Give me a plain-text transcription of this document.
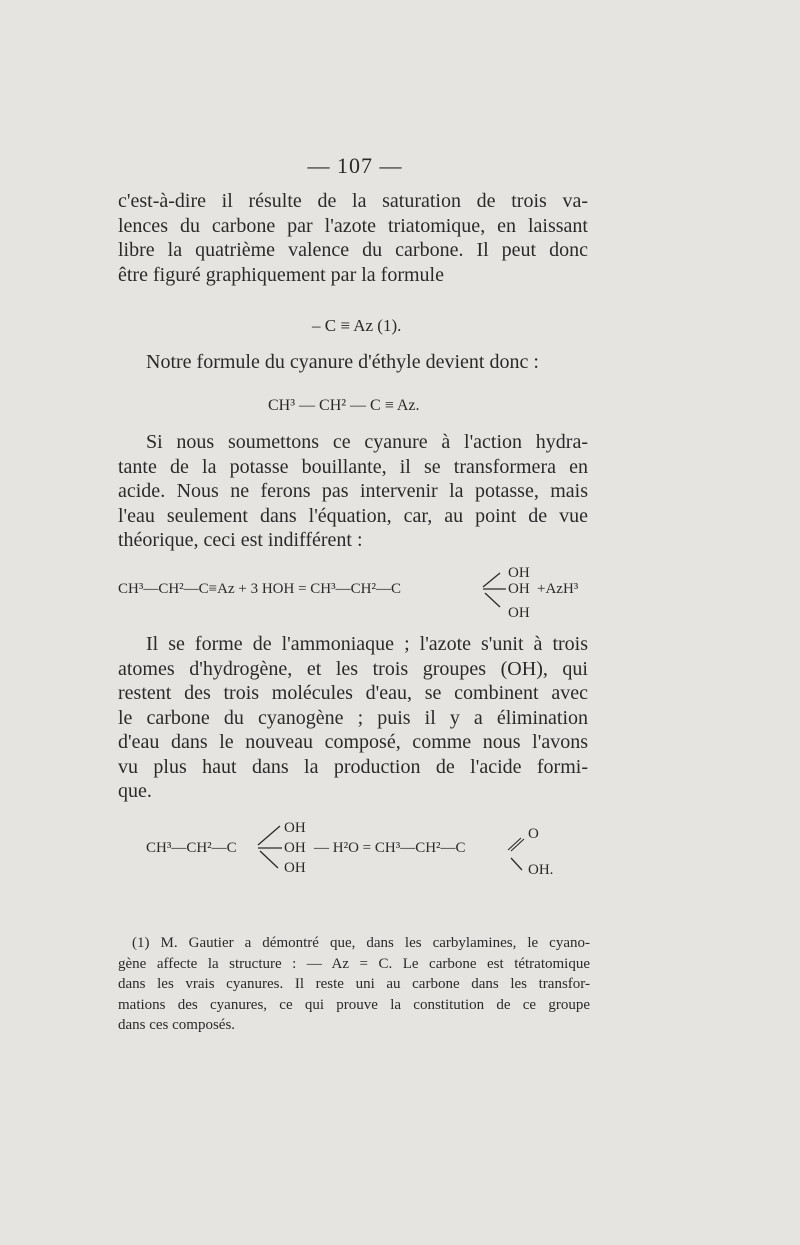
— 107 —
c'est-à-dire il résulte de la saturation de trois va-
lences du carbone par l'azote triatomique, en laissant
libre la quatrième valence du carbone. Il peut donc
être figuré graphiquement par la formule
– C ≡ Az (1).
Notre formule du cyanure d'éthyle devient donc :
CH³ — CH² — C ≡ Az.
Si nous soumettons ce cyanure à l'action hydra-
tante de la potasse bouillante, il se transformera en
acide. Nous ne ferons pas intervenir la potasse, mais
l'eau seulement dans l'équation, car, au point de vue
théorique, ceci est indifférent :
CH³—CH²—C≡Az + 3 HOH = CH³—CH²—C
OH
OH
OH
+AzH³
Il se forme de l'ammoniaque ; l'azote s'unit à trois
atomes d'hydrogène, et les trois groupes (OH), qui
restent des trois molécules d'eau, se combinent avec
le carbone du cyanogène ; puis il y a élimination
d'eau dans le nouveau composé, comme nous l'avons
vu plus haut dans la production de l'acide formi-
que.
CH³—CH²—C
OH
OH
OH
— H²O = CH³—CH²—C
O
OH.
(1) M. Gautier a démontré que, dans les carbylamines, le cyano-
gène affecte la structure : — Az = C. Le carbone est tétratomique
dans les vrais cyanures. Il reste uni au carbone dans les transfor-
mations des cyanures, ce qui prouve la constitution de ce groupe
dans ces composés.
